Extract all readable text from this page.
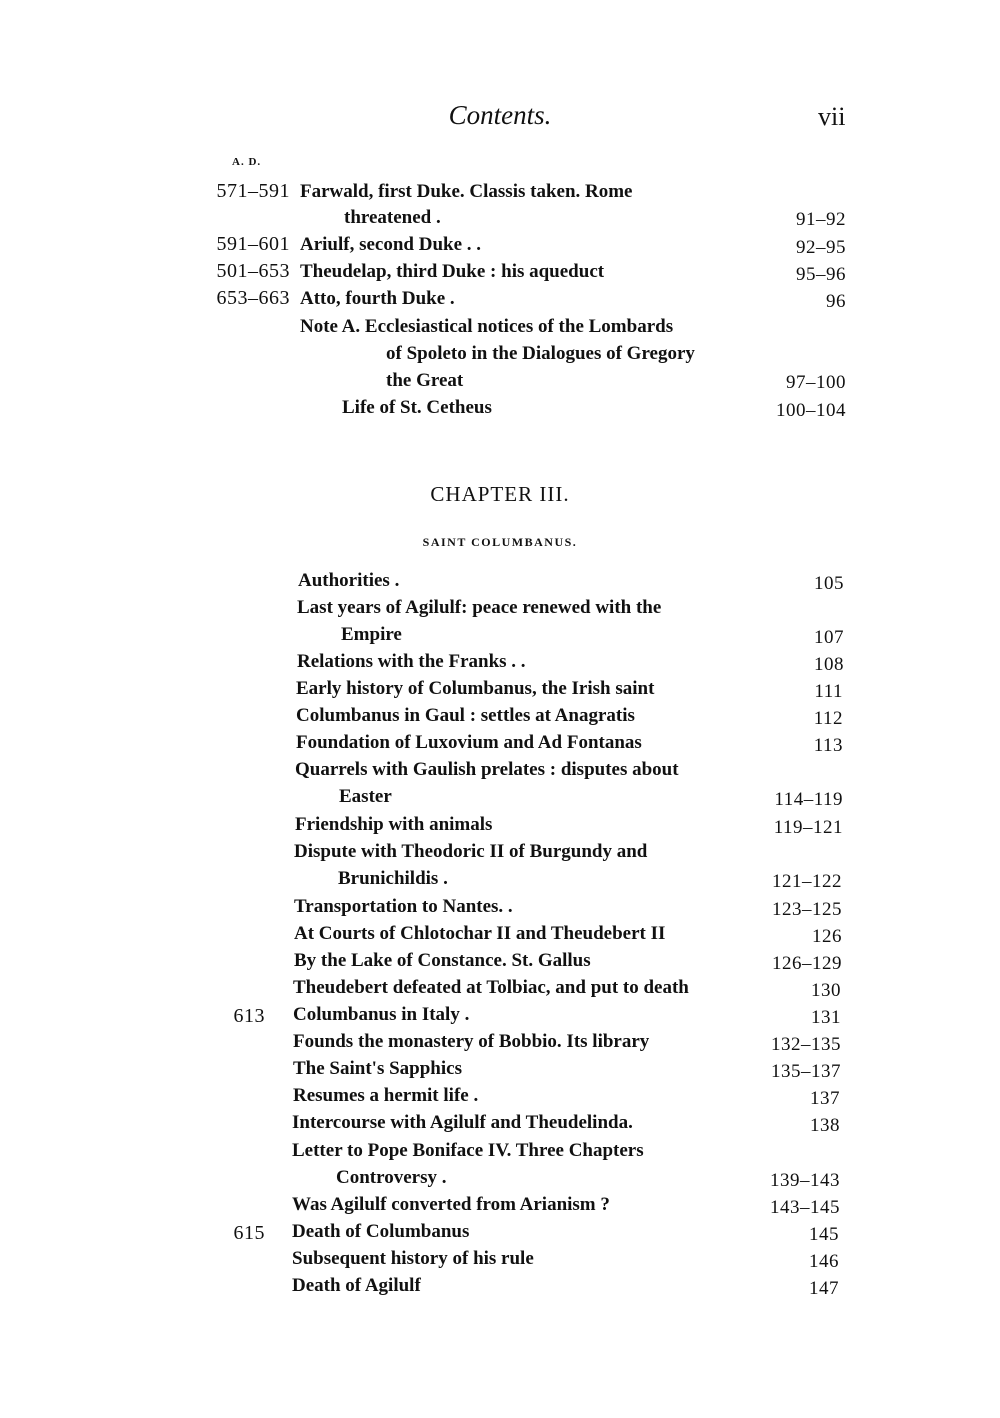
Contents.	vii
A. D.
571–591 Farwald, first Duke. Classis taken. Rome
threatened .	91–92
591–601 Ariulf, second Duke . .	92–95
501–653 Theudelap, third Duke : his aqueduct	95–96
653–663 Atto, fourth Duke .	96
Note A. Ecclesiastical notices of the Lombards
of Spoleto in the Dialogues of Gregory
the Great	97–100
Life of St. Cetheus	100–104
CHAPTER III.
SAINT COLUMBANUS.
Authorities .	105
Last years of Agilulf: peace renewed with the
Empire	107
Relations with the Franks . .	108
Early history of Columbanus, the Irish saint	111
Columbanus in Gaul : settles at Anagratis	112
Foundation of Luxovium and Ad Fontanas	113
Quarrels with Gaulish prelates : disputes about
Easter	114–119
Friendship with animals	119–121
Dispute with Theodoric II of Burgundy and
Brunichildis .	121–122
Transportation to Nantes. .	123–125
At Courts of Chlotochar II and Theudebert II	126
By the Lake of Constance. St. Gallus	126–129
Theudebert defeated at Tolbiac, and put to death	130
613 Columbanus in Italy .	131
Founds the monastery of Bobbio. Its library	132–135
The Saint's Sapphics	135–137
Resumes a hermit life .	137
Intercourse with Agilulf and Theudelinda.	138
Letter to Pope Boniface IV. Three Chapters
Controversy .	139–143
Was Agilulf converted from Arianism ?	143–145
615 Death of Columbanus	145
Subsequent history of his rule	146
Death of Agilulf	147
